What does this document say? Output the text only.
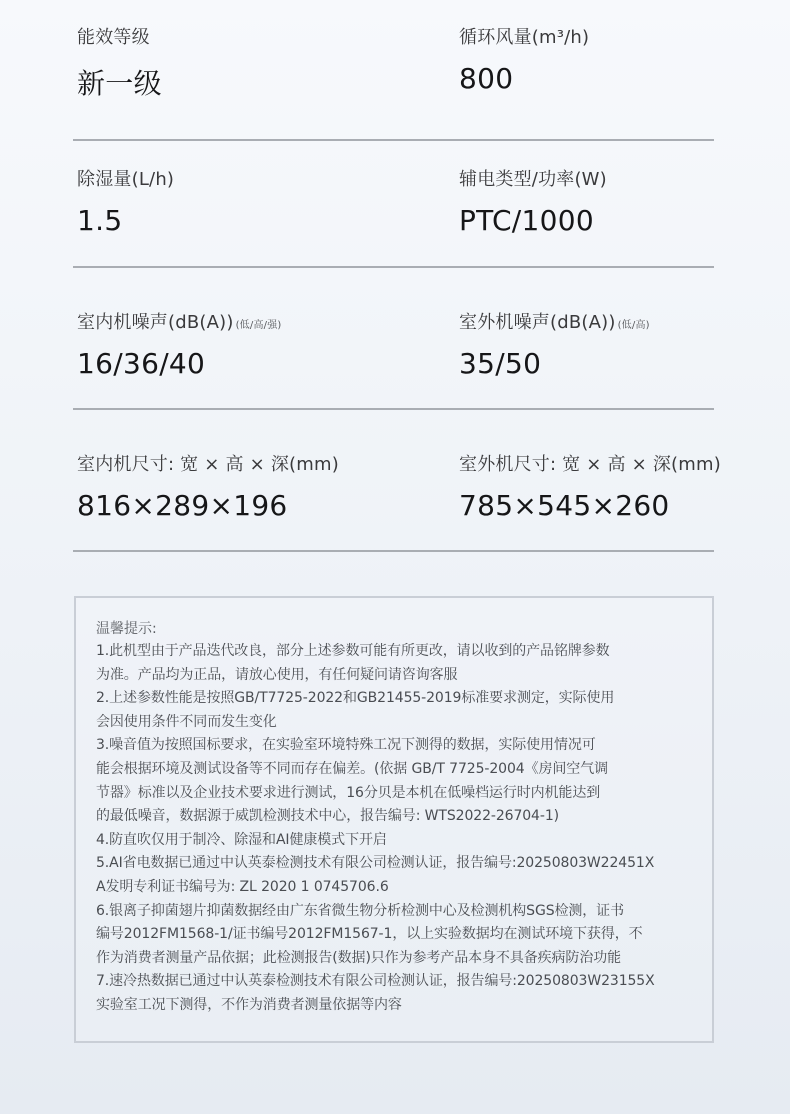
能效等级
新一级
循环风量(m³/h)
800
除湿量(L/h)
1.5
辅电类型/功率(W)
PTC/1000
室内机噪声(dB(A)) (低/高/强)
16/36/40
室外机噪声(dB(A)) (低/高)
35/50
室内机尺寸: 宽 × 高 × 深(mm)
816×289×196
室外机尺寸: 宽 × 高 × 深(mm)
785×545×260
温馨提示:
1.此机型由于产品迭代改良，部分上述参数可能有所更改，请以收到的产品铭牌参数
为准。产品均为正品，请放心使用，有任何疑问请咨询客服
2.上述参数性能是按照GB/T7725-2022和GB21455-2019标准要求测定，实际使用
会因使用条件不同而发生变化
3.噪音值为按照国标要求，在实验室环境特殊工况下测得的数据，实际使用情况可
能会根据环境及测试设备等不同而存在偏差。(依据 GB/T 7725-2004《房间空气调
节器》标准以及企业技术要求进行测试，16分贝是本机在低噪档运行时内机能达到
的最低噪音，数据源于威凯检测技术中心，报告编号: WTS2022-26704-1)
4.防直吹仅用于制冷、除湿和AI健康模式下开启
5.AI省电数据已通过中认英泰检测技术有限公司检测认证，报告编号:20250803W22451X
A发明专利证书编号为: ZL 2020 1 0745706.6
6.银离子抑菌翅片抑菌数据经由广东省微生物分析检测中心及检测机构SGS检测，证书
编号2012FM1568-1/证书编号2012FM1567-1，以上实验数据均在测试环境下获得，不
作为消费者测量产品依据；此检测报告(数据)只作为参考产品本身不具备疾病防治功能
7.速冷热数据已通过中认英泰检测技术有限公司检测认证，报告编号:20250803W23155X
实验室工况下测得，不作为消费者测量依据等内容
